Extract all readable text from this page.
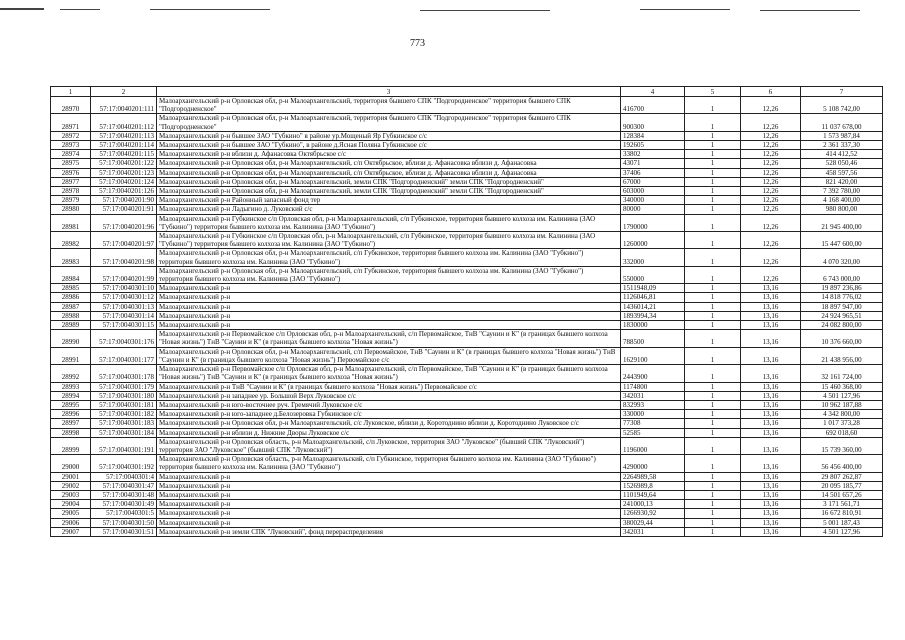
773
1	2	3	4	5	6	7
28970	57:17:0040201:111	Малоархангельский р-н Орловская обл, р-н Малоархангельский, территория бывшего СПК "Подгородненское" территория бывшего СПК "Подгородненское"	416700	1	12,26	5 108 742,00
28971	57:17:0040201:112	Малоархангельский р-н Орловская обл, р-н Малоархангельский, территория бывшего СПК "Подгородненское" территория бывшего СПК "Подгородненское"	900300	1	12,26	11 037 678,00
28972	57:17:0040201:113	Малоархангельский р-н бывшее ЗАО "Губкино" в районе ур.Мощеный Яр Губкинское с/с	128384	1	12,26	1 573 987,84
28973	57:17:0040201:114	Малоархангельский р-н бывшее ЗАО "Губкино", в районе д.Ясная Поляна Губкинское с/с	192605	1	12,26	2 361 337,30
28974	57:17:0040201:115	Малоархангельский р-н вблизи д. Афанасовка Октябрьское с/с	33802	1	12,26	414 412,52
28975	57:17:0040201:122	Малоархангельский р-н Орловская обл, р-н Малоархангельский, с/п Октябрьское, вблизи д. Афанасовка вблизи д. Афанасовка	43071	1	12,26	528 050,46
28976	57:17:0040201:123	Малоархангельский р-н Орловская обл, р-н Малоархангельский, с/п Октябрьское, вблизи д. Афанасовка вблизи д. Афанасовка	37406	1	12,26	458 597,56
28977	57:17:0040201:124	Малоархангельский р-н Орловская обл, р-н Малоархангельский, земли СПК "Подгородненский" земли СПК "Подгородненский"	67000	1	12,26	821 420,00
28978	57:17:0040201:126	Малоархангельский р-н Орловская обл, р-н Малоархангельский, земли СПК "Подгородненский" земли СПК "Подгородненский"	603000	1	12,26	7 392 780,00
28979	57:17:0040201:90	Малоархангельский р-н Районный запасный фонд тер	340000	1	12,26	4 168 400,00
28980	57:17:0040201:91	Малоархангельский р-н Ладыгино д. Луковский с/с	80000	1	12,26	980 800,00
28981	57:17:0040201:96	Малоархангельский р-н Губкинское с/п Орловская обл, р-н Малоархангельский, с/п Губкинское, территория бывшего колхоза им. Калинина (ЗАО "Губкино") территория бывшего колхоза им. Калинина (ЗАО "Губкино")	1790000	1	12,26	21 945 400,00
28982	57:17:0040201:97	Малоархангельский р-н Губкинское с/п Орловская обл, р-н Малоархангельский, с/п Губкинское, территория бывшего колхоза им. Калинина (ЗАО "Губкино") территория бывшего колхоза им. Калинина (ЗАО "Губкино")	1260000	1	12,26	15 447 600,00
28983	57:17:0040201:98	Малоархангельский р-н Орловская обл, р-н Малоархангельский, с/п Губкинское, территория бывшего колхоза им. Калинина (ЗАО "Губкино") территория бывшего колхоза им. Калинина (ЗАО "Губкино")	332000	1	12,26	4 070 320,00
28984	57:17:0040201:99	Малоархангельский р-н Орловская обл, р-н Малоархангельский, с/п Губкинское, территория бывшего колхоза им. Калинина (ЗАО "Губкино") территория бывшего колхоза им. Калинина (ЗАО "Губкино")	550000	1	12,26	6 743 000,00
28985	57:17:0040301:10	Малоархангельский р-н	1511948,09	1	13,16	19 897 236,86
28986	57:17:0040301:12	Малоархангельский р-н	1126046,81	1	13,16	14 818 776,02
28987	57:17:0040301:13	Малоархангельский р-н	1436014,21	1	13,16	18 897 947,00
28988	57:17:0040301:14	Малоархангельский р-н	1893994,34	1	13,16	24 924 965,51
28989	57:17:0040301:15	Малоархангельский р-н	1830000	1	13,16	24 082 800,00
28990	57:17:0040301:176	Малоархангельский р-н Первомайское с/п Орловская обл, р-н Малоархангельский, с/п Первомайское, ТнВ "Саунин и К" (в границах бывшего колхоза "Новая жизнь") ТнВ "Саунин и К" (в границах бывшего колхоза "Новая жизнь")	788500	1	13,16	10 376 660,00
28991	57:17:0040301:177	Малоархангельский р-н Орловская обл, р-н Малоархангельский, с/п Первомайское, ТнВ "Саунин и К" (в границах бывшего колхоза "Новая жизнь") ТнВ "Саунин и К" (в границах бывшего колхоза "Новая жизнь") Первомайское с/с	1629100	1	13,16	21 438 956,00
28992	57:17:0040301:178	Малоархангельский р-н Первомайское с/п Орловская обл, р-н Малоархангельский, с/п Первомайское, ТнВ "Саунин и К" (в границах бывшего колхоза "Новая жизнь") ТнВ "Саунин и К" (в границах бывшего колхоза "Новая жизнь")	2443900	1	13,16	32 161 724,00
28993	57:17:0040301:179	Малоархангельский р-н ТнВ "Саунин и К" (в границах бывшего колхоза "Новая жизнь") Первомайское с/с	1174800	1	13,16	15 460 368,00
28994	57:17:0040301:180	Малоархангельский р-н западнее ур. Большой Верх Луковское с/с	342031	1	13,16	4 501 127,96
28995	57:17:0040301:181	Малоархангельский р-н юго-восточнее руч. Гремячий Луковское с/с	832993	1	13,16	10 962 187,88
28996	57:17:0040301:182	Малоархангельский р-н юго-западнее д.Белозеровка Губкинское с/с	330000	1	13,16	4 342 800,00
28997	57:17:0040301:183	Малоархангельский р-н Орловская обл, р-н Малоархангельский, с/с Луковское, вблизи д. Коротоднино вблизи д. Коротоднино Луковское с/с	77308	1	13,16	1 017 373,28
28998	57:17:0040301:184	Малоархангельский р-н вблизи д. Нижние Дворы Луковское с/с	52585	1	13,16	692 018,60
28999	57:17:0040301:191	Малоархангельский р-н Орловская область, р-н Малоархангельский, с/п Луковское, территория ЗАО "Луковское" (бывший СПК "Луковский") территория ЗАО "Луковское" (бывший СПК "Луковский")	1196000	1	13,16	15 739 360,00
29000	57:17:0040301:192	Малоархангельский р-н Орловская область, р-н Малоархангельский, с/п Губкинское, территория бывшего колхоза им. Калинина (ЗАО "Губкино") территория бывшего колхоза им. Калинина (ЗАО "Губкино")	4290000	1	13,16	56 456 400,00
29001	57:17:0040301:4	Малоархангельский р-н	2264989,58	1	13,16	29 807 262,87
29002	57:17:0040301:47	Малоархангельский р-н	1526989,8	1	13,16	20 095 185,77
29003	57:17:0040301:48	Малоархангельский р-н	1101949,64	1	13,16	14 501 657,26
29004	57:17:0040301:49	Малоархангельский р-н	241000,13	1	13,16	3 171 561,71
29005	57:17:0040301:5	Малоархангельский р-н	1266930,92	1	13,16	16 672 810,91
29006	57:17:0040301:50	Малоархангельский р-н	380029,44	1	13,16	5 001 187,43
29007	57:17:0040301:51	Малоархангельский р-н земли СПК "Луковский", фонд перераспределения	342031	1	13,16	4 501 127,96
